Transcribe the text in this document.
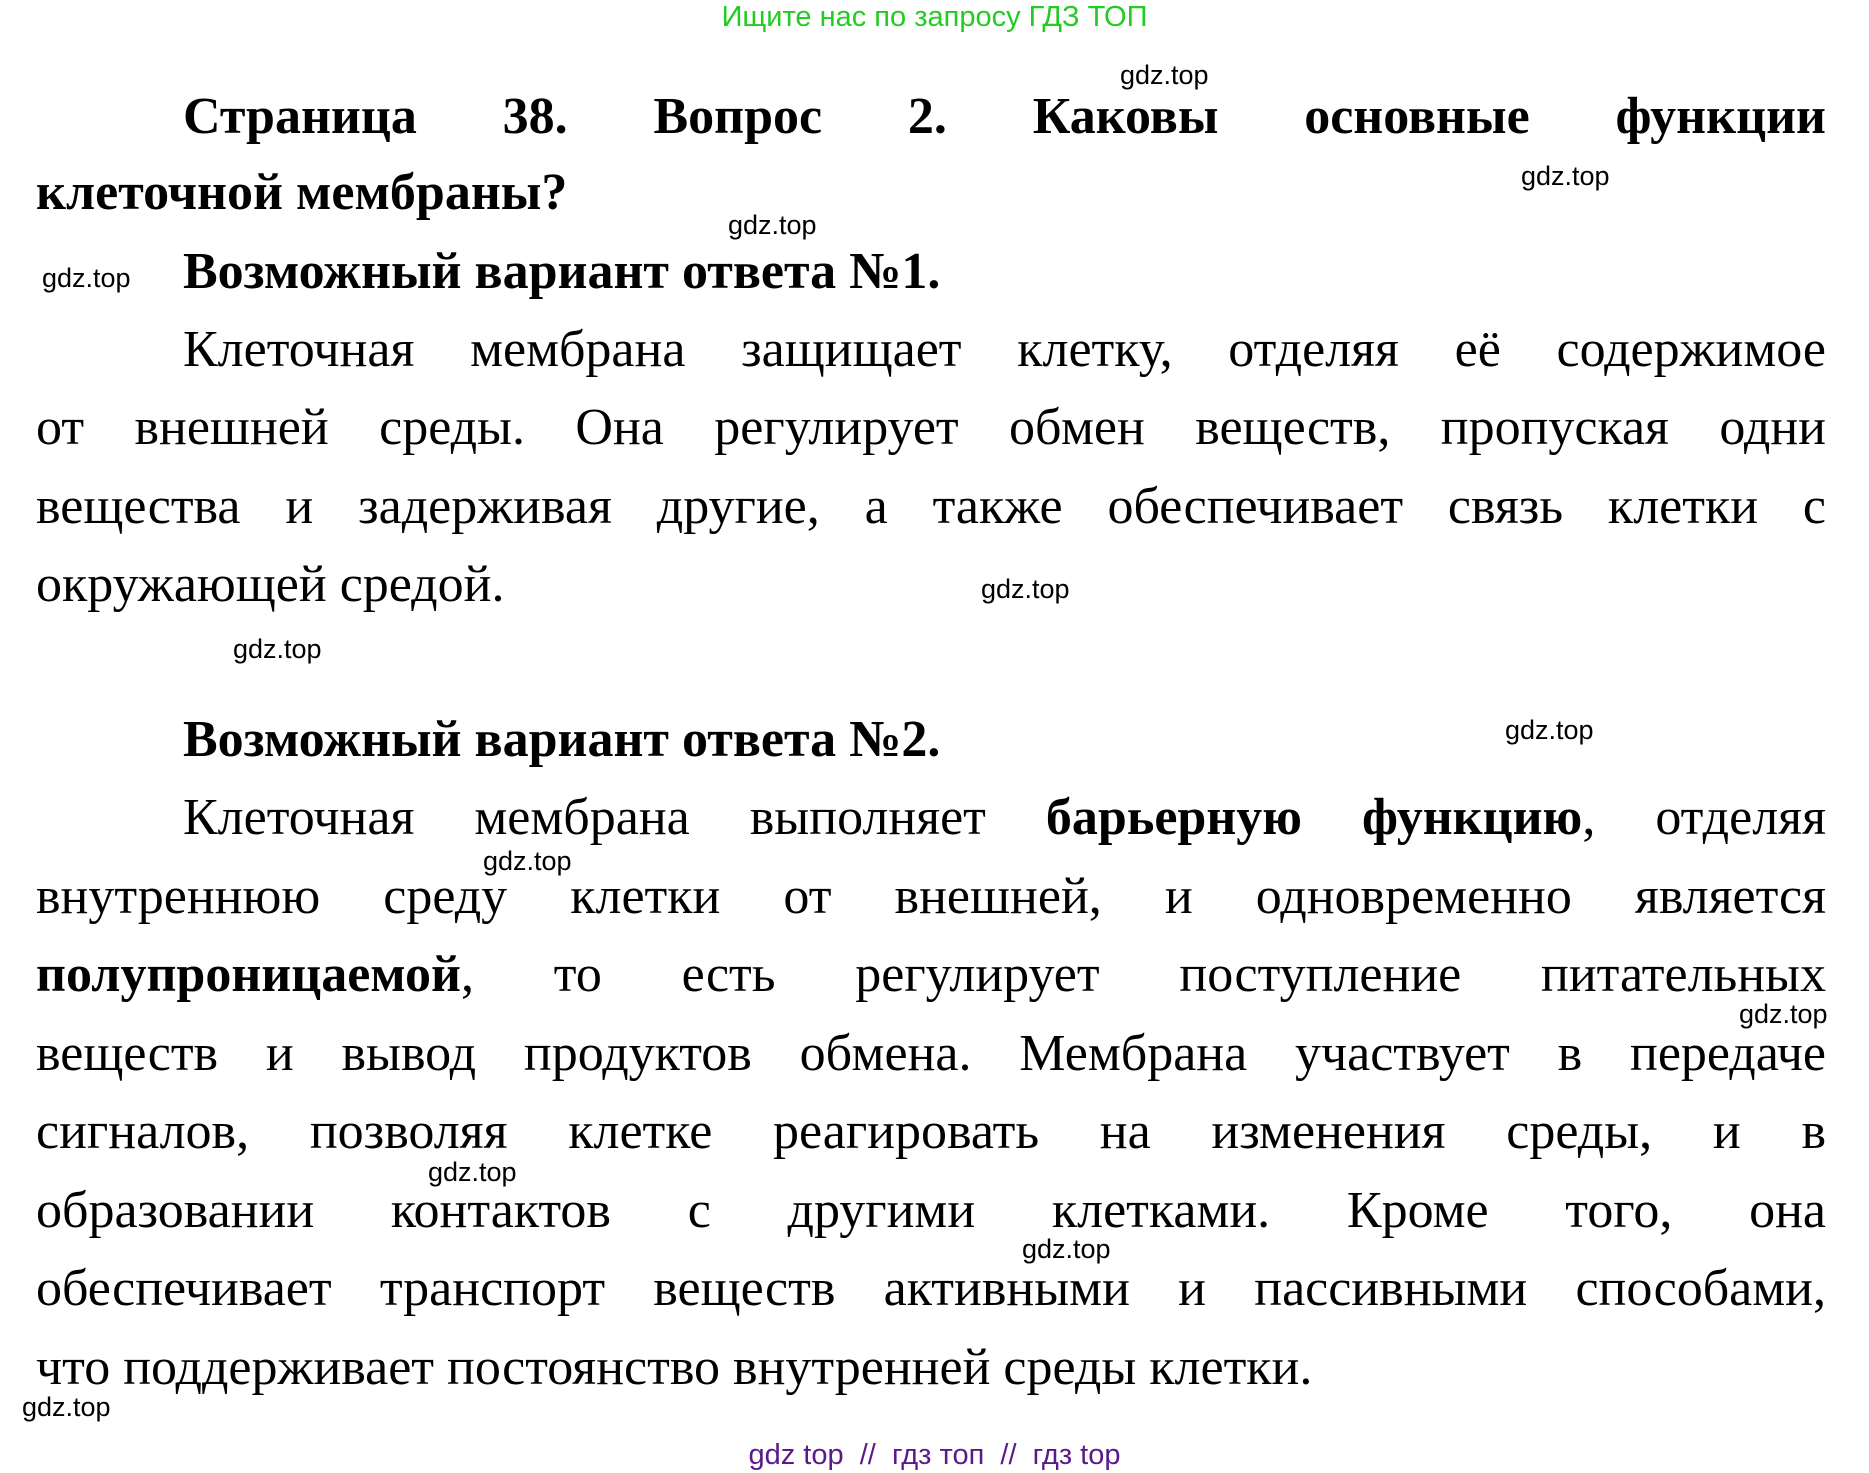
Ищите нас по запросу ГДЗ ТОП
Страница 38. Вопрос 2. Каковы основные функции
клеточной мембраны?
Возможный вариант ответа №1.
Клеточная мембрана защищает клетку, отделяя её содержимое
от внешней среды. Она регулирует обмен веществ, пропуская одни
вещества и задерживая другие, а также обеспечивает связь клетки с
окружающей средой.
Возможный вариант ответа №2.
Клеточная мембрана выполняет барьерную функцию, отделяя
внутреннюю среду клетки от внешней, и одновременно является
полупроницаемой, то есть регулирует поступление питательных
веществ и вывод продуктов обмена. Мембрана участвует в передаче
сигналов, позволяя клетке реагировать на изменения среды, и в
образовании контактов с другими клетками. Кроме того, она
обеспечивает транспорт веществ активными и пассивными способами,
что поддерживает постоянство внутренней среды клетки.
gdz.top
gdz.top
gdz.top
gdz.top
gdz.top
gdz.top
gdz.top
gdz.top
gdz.top
gdz.top
gdz.top
gdz.top
gdz top  //  гдз топ  //  гдз top
